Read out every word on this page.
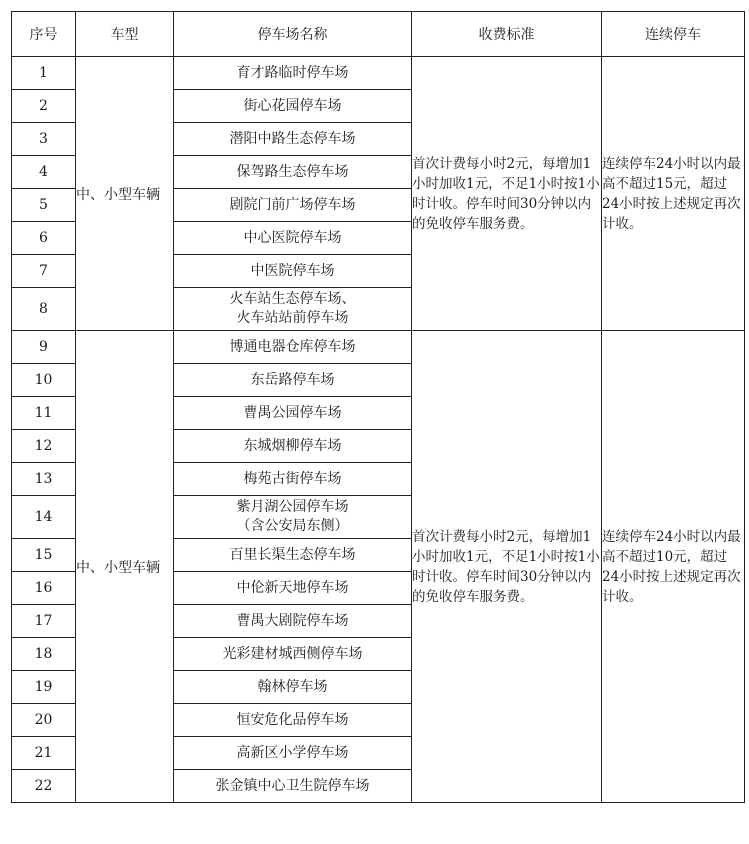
序号	车型	停车场名称	收费标准	连续停车
1	中、小型车辆	育才路临时停车场	首次计费每小时2元，每增加1小时加收1元，不足1小时按1小时计收。停车时间30分钟以内的免收停车服务费。	连续停车24小时以内最高不超过15元，超过24小时按上述规定再次计收。
2		街心花园停车场		

3		潜阳中路生态停车场		

4		保驾路生态停车场		

5		剧院门前广场停车场		

6		中心医院停车场		

7		中医院停车场		

8		火车站生态停车场、
火车站站前停车场		

9	中、小型车辆	博通电器仓库停车场	首次计费每小时2元，每增加1小时加收1元，不足1小时按1小时计收。停车时间30分钟以内的免收停车服务费。	连续停车24小时以内最高不超过10元，超过24小时按上述规定再次计收。
10		东岳路停车场		

11		曹禺公园停车场		

12		东城烟柳停车场		

13		梅苑古街停车场		

14		紫月湖公园停车场
（含公安局东侧）		

15		百里长渠生态停车场		

16		中伦新天地停车场		

17		曹禺大剧院停车场		

18		光彩建材城西侧停车场		

19		翰林停车场		

20		恒安危化品停车场		

21		高新区小学停车场		

22		张金镇中心卫生院停车场		
